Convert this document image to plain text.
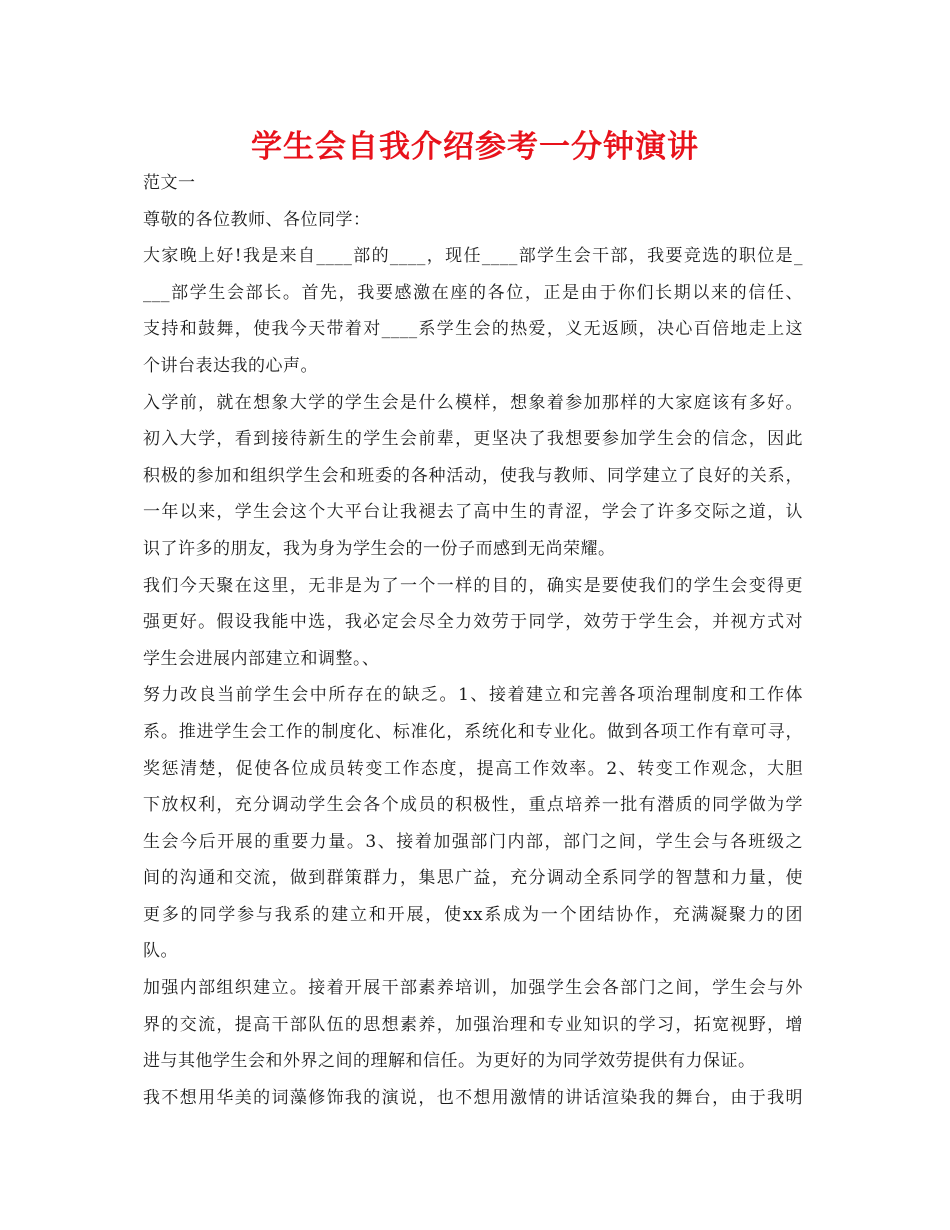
学生会自我介绍参考一分钟演讲
范文一
尊敬的各位教师、各位同学：
大家晚上好!我是来自____部的____，现任____部学生会干部，我要竞选的职位是_
___部学生会部长。首先，我要感激在座的各位，正是由于你们长期以来的信任、
支持和鼓舞，使我今天带着对____系学生会的热爱，义无返顾，决心百倍地走上这
个讲台表达我的心声。
入学前，就在想象大学的学生会是什么模样，想象着参加那样的大家庭该有多好。
初入大学，看到接待新生的学生会前辈，更坚决了我想要参加学生会的信念，因此
积极的参加和组织学生会和班委的各种活动，使我与教师、同学建立了良好的关系，
一年以来，学生会这个大平台让我褪去了高中生的青涩，学会了许多交际之道，认
识了许多的朋友，我为身为学生会的一份子而感到无尚荣耀。
我们今天聚在这里，无非是为了一个一样的目的，确实是要使我们的学生会变得更
强更好。假设我能中选，我必定会尽全力效劳于同学，效劳于学生会，并视方式对
学生会进展内部建立和调整。、
努力改良当前学生会中所存在的缺乏。1、接着建立和完善各项治理制度和工作体
系。推进学生会工作的制度化、标准化，系统化和专业化。做到各项工作有章可寻，
奖惩清楚，促使各位成员转变工作态度，提高工作效率。2、转变工作观念，大胆
下放权利，充分调动学生会各个成员的积极性，重点培养一批有潜质的同学做为学
生会今后开展的重要力量。3、接着加强部门内部，部门之间，学生会与各班级之
间的沟通和交流，做到群策群力，集思广益，充分调动全系同学的智慧和力量，使
更多的同学参与我系的建立和开展，使xx系成为一个团结协作，充满凝聚力的团
队。
加强内部组织建立。接着开展干部素养培训，加强学生会各部门之间，学生会与外
界的交流，提高干部队伍的思想素养，加强治理和专业知识的学习，拓宽视野，增
进与其他学生会和外界之间的理解和信任。为更好的为同学效劳提供有力保证。
我不想用华美的词藻修饰我的演说，也不想用激情的讲话渲染我的舞台，由于我明
